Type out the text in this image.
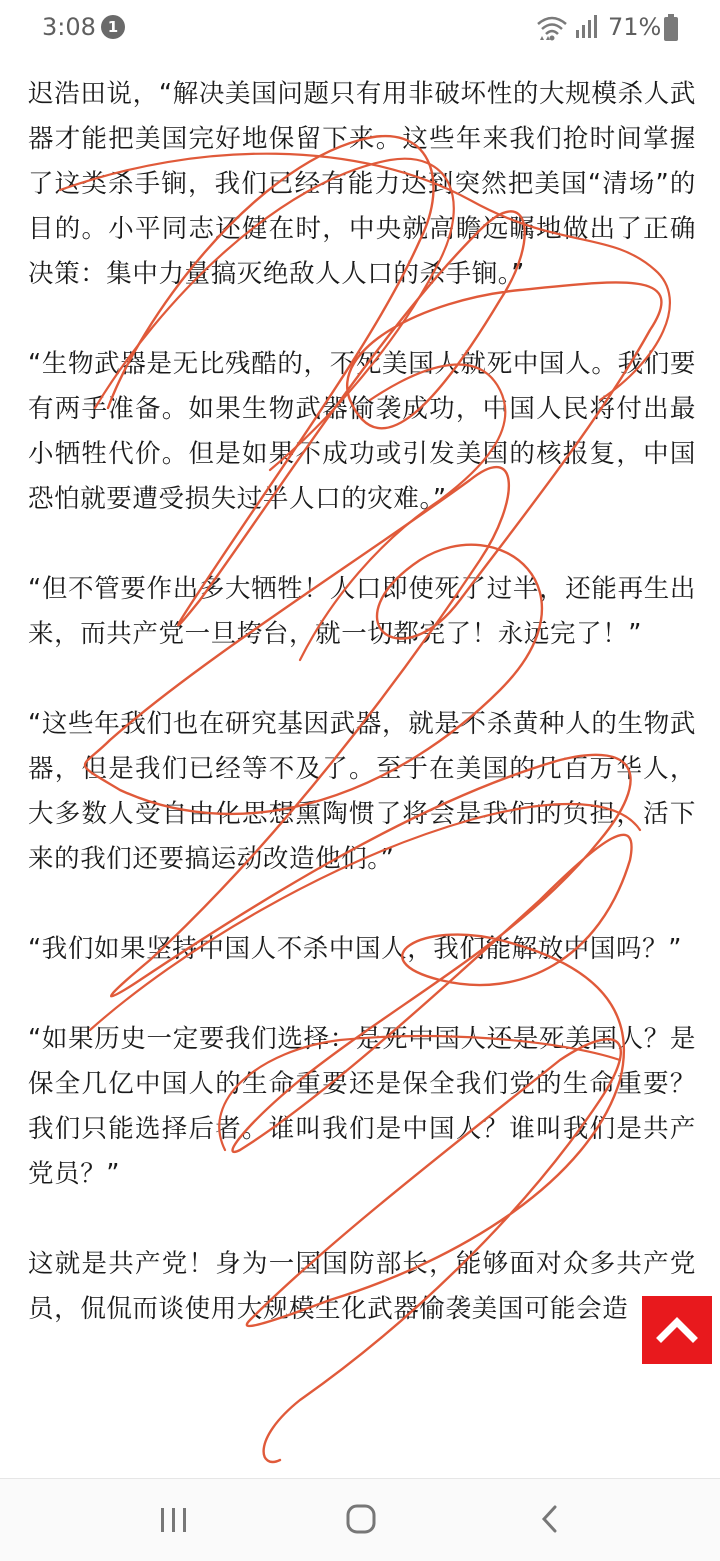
3:08 1	71%

迟浩田说，“解决美国问题只有用非破坏性的大规模杀人武器才能把美国完好地保留下来。这些年来我们抢时间掌握了这类杀手锏，我们已经有能力达到突然把美国“清场”的目的。小平同志还健在时，中央就高瞻远瞩地做出了正确决策：集中力量搞灭绝敌人人口的杀手锏。”

“生物武器是无比残酷的，不死美国人就死中国人。我们要有两手准备。如果生物武器偷袭成功，中国人民将付出最小牺牲代价。但是如果不成功或引发美国的核报复，中国恐怕就要遭受损失过半人口的灾难。”

“但不管要作出多大牺牲！人口即使死了过半，还能再生出来，而共产党一旦垮台，就一切都完了！永远完了！”

“这些年我们也在研究基因武器，就是不杀黄种人的生物武器，但是我们已经等不及了。至于在美国的几百万华人，大多数人受自由化思想熏陶惯了将会是我们的负担，活下来的我们还要搞运动改造他们。”

“我们如果坚持中国人不杀中国人，我们能解放中国吗？”

“如果历史一定要我们选择：是死中国人还是死美国人？是保全几亿中国人的生命重要还是保全我们党的生命重要？我们只能选择后者。谁叫我们是中国人？谁叫我们是共产党员？”

这就是共产党！身为一国国防部长，能够面对众多共产党员，侃侃而谈使用大规模生化武器偷袭美国可能会造
